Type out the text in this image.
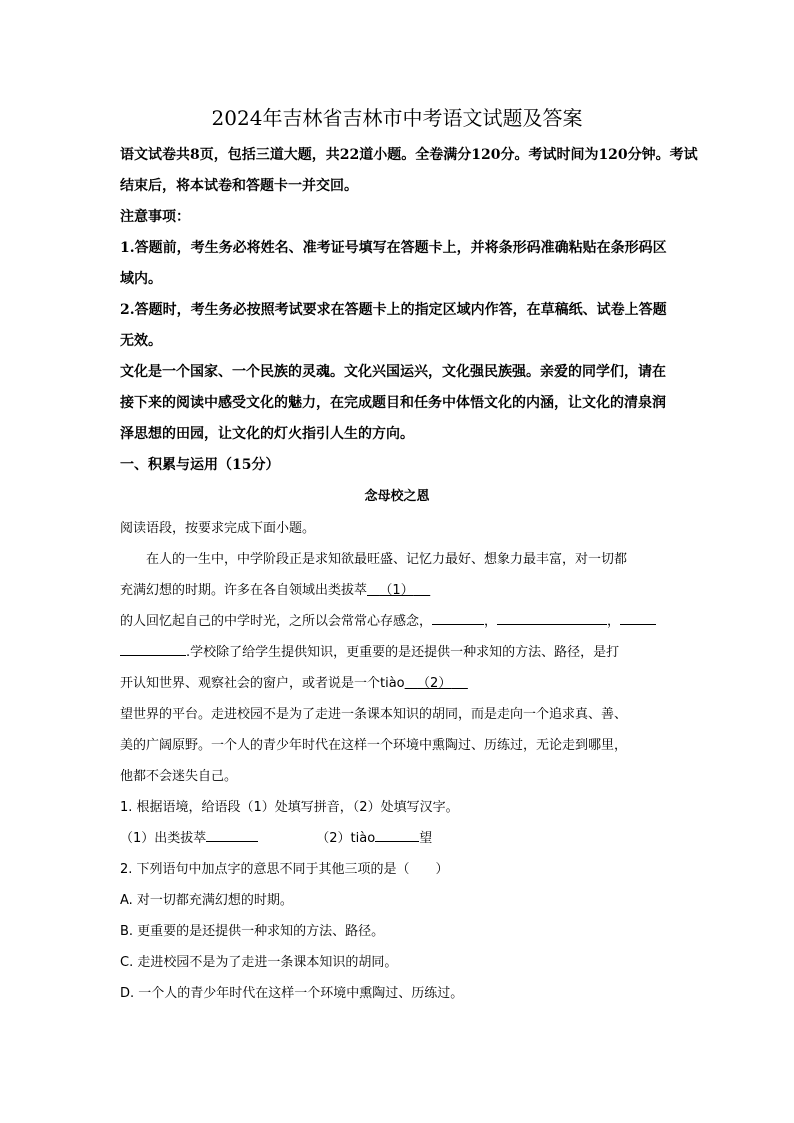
2024年吉林省吉林市中考语文试题及答案
语文试卷共8页，包括三道大题，共22道小题。全卷满分120分。考试时间为120分钟。考试
结束后，将本试卷和答题卡一并交回。
注意事项：
1.答题前，考生务必将姓名、准考证号填写在答题卡上，并将条形码准确粘贴在条形码区
域内。
2.答题时，考生务必按照考试要求在答题卡上的指定区域内作答，在草稿纸、试卷上答题
无效。
文化是一个国家、一个民族的灵魂。文化兴国运兴，文化强民族强。亲爱的同学们，请在
接下来的阅读中感受文化的魅力，在完成题目和任务中体悟文化的内涵，让文化的清泉润
泽思想的田园，让文化的灯火指引人生的方向。
一、积累与运用（15分）
念母校之恩
阅读语段，按要求完成下面小题。
在人的一生中，中学阶段正是求知欲最旺盛、记忆力最好、想象力最丰富，对一切都
充满幻想的时期。许多在各自领域出类拔萃 （1）
的人回忆起自己的中学时光，之所以会常常心存感念，	，	，
.学校除了给学生提供知识，更重要的是还提供一种求知的方法、路径，是打
开认知世界、观察社会的窗户，或者说是一个tiào （2）
望世界的平台。走进校园不是为了走进一条课本知识的胡同，而是走向一个追求真、善、
美的广阔原野。一个人的青少年时代在这样一个环境中熏陶过、历练过，无论走到哪里，
他都不会迷失自己。
1. 根据语境，给语段（1）处填写拼音，（2）处填写汉字。
（1）出类拔萃	（2）tiào	望
2. 下列语句中加点字的意思不同于其他三项的是（　　）
A. 对一切都充满幻想的时期。
B. 更重要的是还提供一种求知的方法、路径。
C. 走进校园不是为了走进一条课本知识的胡同。
D. 一个人的青少年时代在这样一个环境中熏陶过、历练过。
